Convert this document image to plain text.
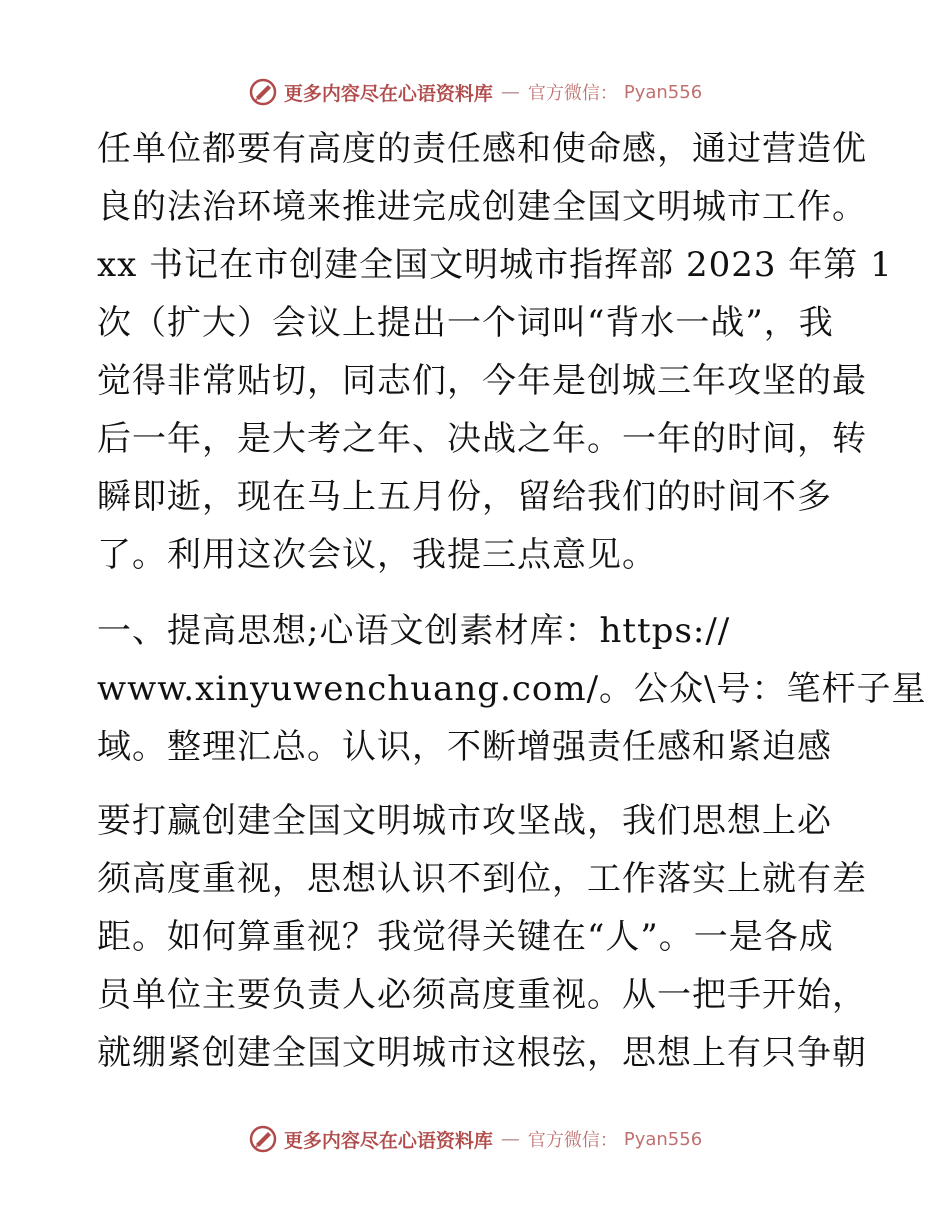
更多内容尽在心语资料库 — 官方微信： Pyan556
任单位都要有高度的责任感和使命感，通过营造优
良的法治环境来推进完成创建全国文明城市工作。
xx 书记在市创建全国文明城市指挥部 2023 年第 1
次（扩大）会议上提出一个词叫“背水一战”，我
觉得非常贴切，同志们，今年是创城三年攻坚的最
后一年，是大考之年、决战之年。一年的时间，转
瞬即逝，现在马上五月份，留给我们的时间不多
了。利用这次会议，我提三点意见。
一、提高思想;心语文创素材库：https://
www.xinyuwenchuang.com/。公众\号：笔杆子星
域。整理汇总。认识，不断增强责任感和紧迫感
要打赢创建全国文明城市攻坚战，我们思想上必
须高度重视，思想认识不到位，工作落实上就有差
距。如何算重视？我觉得关键在“人”。一是各成
员单位主要负责人必须高度重视。从一把手开始，
就绷紧创建全国文明城市这根弦，思想上有只争朝
更多内容尽在心语资料库 — 官方微信： Pyan556
